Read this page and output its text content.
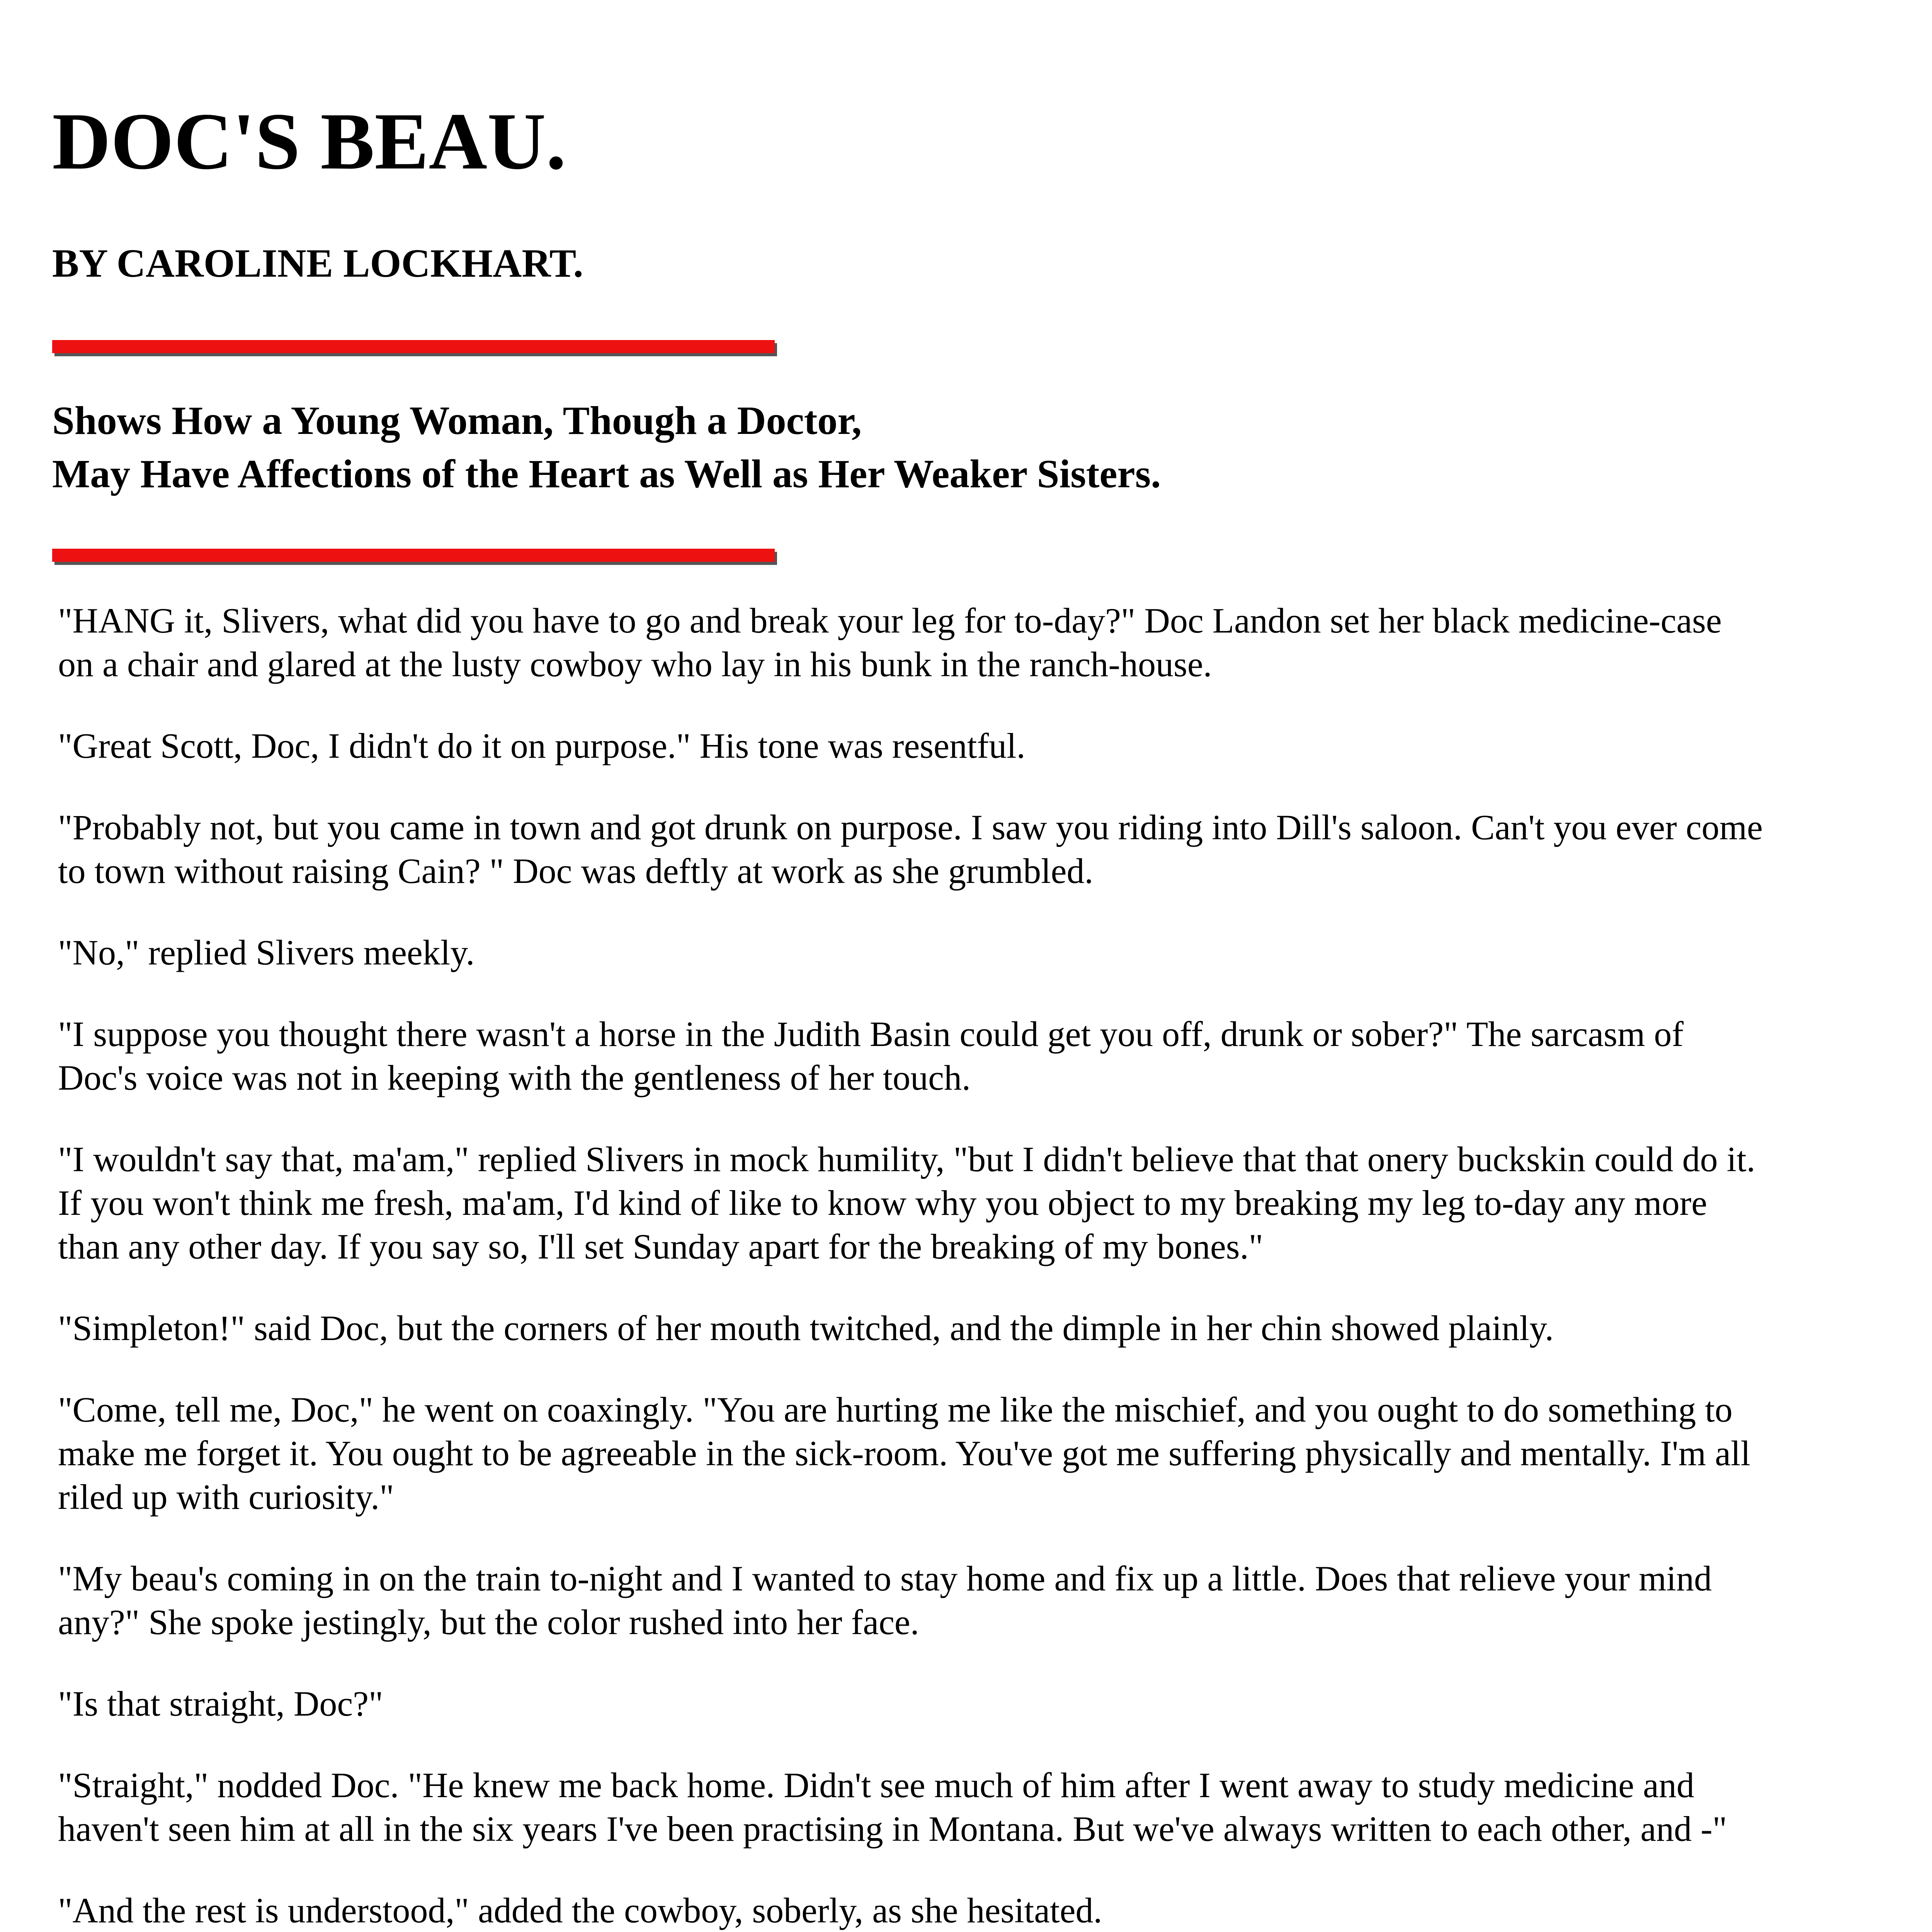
DOC'S BEAU.
BY CAROLINE LOCKHART.
Shows How a Young Woman, Though a Doctor,
May Have Affections of the Heart as Well as Her Weaker Sisters.

"HANG it, Slivers, what did you have to go and break your leg for to-day?" Doc Landon set her black medicine-case on a chair and glared at the lusty cowboy who lay in his bunk in the ranch-house.

"Great Scott, Doc, I didn't do it on purpose." His tone was resentful.

"Probably not, but you came in town and got drunk on purpose. I saw you riding into Dill's saloon. Can't you ever come to town without raising Cain? " Doc was deftly at work as she grumbled.

"No," replied Slivers meekly.

"I suppose you thought there wasn't a horse in the Judith Basin could get you off, drunk or sober?" The sarcasm of Doc's voice was not in keeping with the gentleness of her touch.

"I wouldn't say that, ma'am," replied Slivers in mock humility, "but I didn't believe that that onery buckskin could do it. If you won't think me fresh, ma'am, I'd kind of like to know why you object to my breaking my leg to-day any more than any other day. If you say so, I'll set Sunday apart for the breaking of my bones."

"Simpleton!" said Doc, but the corners of her mouth twitched, and the dimple in her chin showed plainly.

"Come, tell me, Doc," he went on coaxingly. "You are hurting me like the mischief, and you ought to do something to make me forget it. You ought to be agreeable in the sick-room. You've got me suffering physically and mentally. I'm all riled up with curiosity."

"My beau's coming in on the train to-night and I wanted to stay home and fix up a little. Does that relieve your mind any?" She spoke jestingly, but the color rushed into her face.

"Is that straight, Doc?"

"Straight," nodded Doc. "He knew me back home. Didn't see much of him after I went away to study medicine and haven't seen him at all in the six years I've been practising in Montana. But we've always written to each other, and -"

"And the rest is understood," added the cowboy, soberly, as she hesitated.
